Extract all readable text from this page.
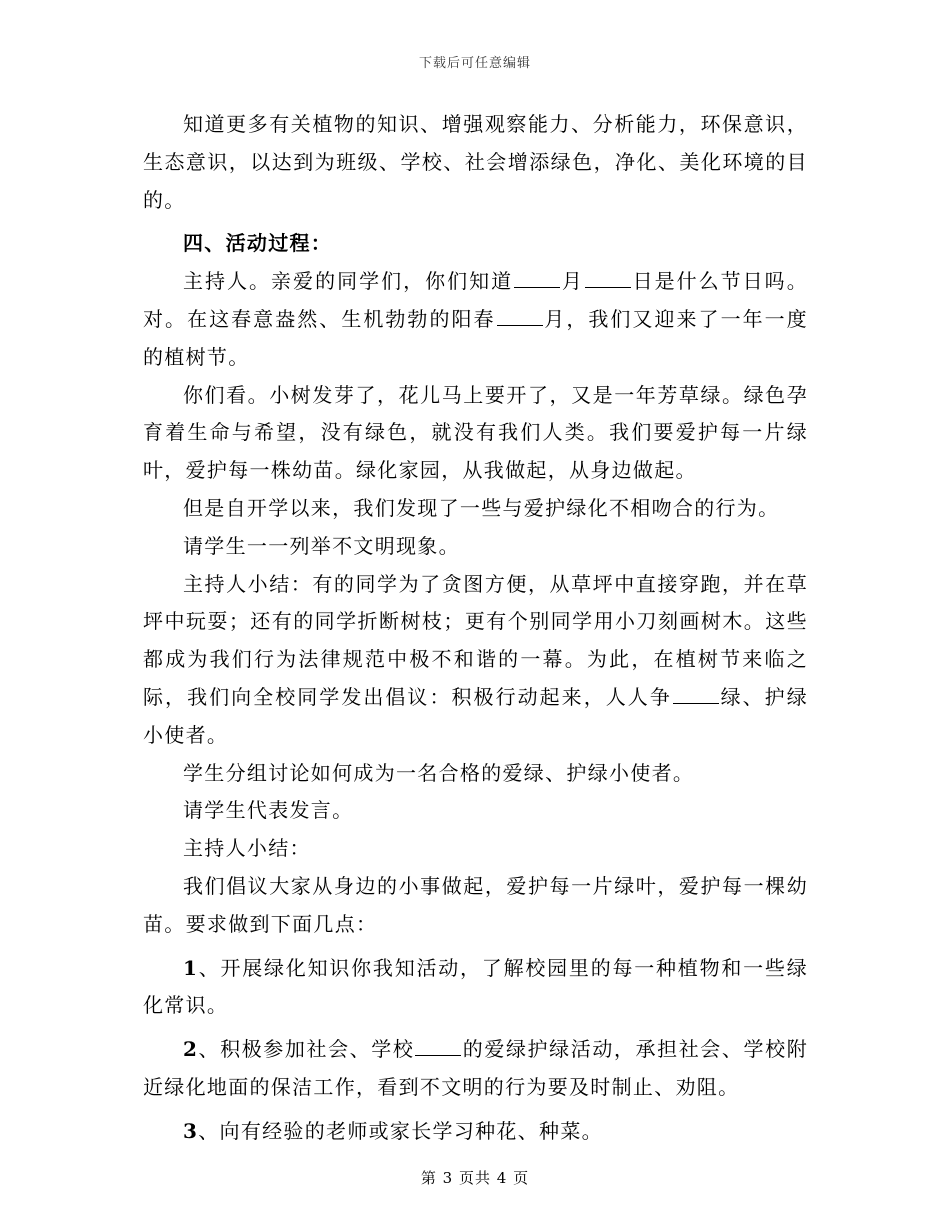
下载后可任意编辑

知道更多有关植物的知识、增强观察能力、分析能力，环保意识，生态意识，以达到为班级、学校、社会增添绿色，净化、美化环境的目的。

四、活动过程：

主持人。亲爱的同学们，你们知道 月 日是什么节日吗。对。在这春意盎然、生机勃勃的阳春 月，我们又迎来了一年一度的植树节。

你们看。小树发芽了，花儿马上要开了，又是一年芳草绿。绿色孕育着生命与希望，没有绿色，就没有我们人类。我们要爱护每一片绿叶，爱护每一株幼苗。绿化家园，从我做起，从身边做起。

但是自开学以来，我们发现了一些与爱护绿化不相吻合的行为。

请学生一一列举不文明现象。

主持人小结：有的同学为了贪图方便，从草坪中直接穿跑，并在草坪中玩耍；还有的同学折断树枝；更有个别同学用小刀刻画树木。这些都成为我们行为法律规范中极不和谐的一幕。为此，在植树节来临之际，我们向全校同学发出倡议：积极行动起来，人人争 绿、护绿小使者。

学生分组讨论如何成为一名合格的爱绿、护绿小使者。

请学生代表发言。

主持人小结：

我们倡议大家从身边的小事做起，爱护每一片绿叶，爱护每一棵幼苗。要求做到下面几点：

1、开展绿化知识你我知活动，了解校园里的每一种植物和一些绿化常识。

2、积极参加社会、学校 的爱绿护绿活动，承担社会、学校附近绿化地面的保洁工作，看到不文明的行为要及时制止、劝阻。

3、向有经验的老师或家长学习种花、种菜。

第 3 页共 4 页
